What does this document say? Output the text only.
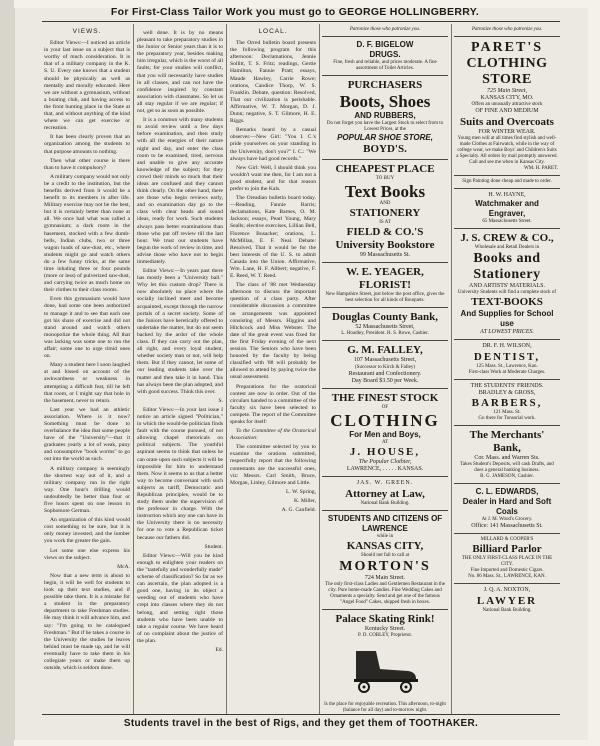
For First-Class Tailor Work you must go to GEORGE HOLLINGBERRY.
VIEWS.

Editor Views:—I noticed an article in your last issue on a subject that is worthy of much consideration. It is that of a military company in the K. S. U. Every one knows that a student should be physically as well as mentally and morally educated. Here we are without a gymnasium, without a boating club, and having access to the front hunting place in the State at that, and without anything of the kind where we can get exercise or recreation.

It has been clearly proven that an organization among the students to that purpose amounts to nothing.

Then what other course is there than to have it compulsory?

A military company would not only be a credit to the institution, but the benefits derived from it would be a benefit to its members in after life. Military exercise may not be the best, but it is certainly better than none at all. We once had what was called a gymnasium; a dark room in the basement, stocked with a few dumb-bells, Indian clubs, two or three wagon loads of saw-dust, etc., where students might go and watch others do a few funny tricks, at the same time inhaling three or four pounds (more or less) of pulverized saw-dust, and carrying twice as much home on their clothes to their class rooms.

Even this gymnasium would have done, had some one been authorized to manage it and to see that each one got his share of exercise and did not stand around and watch others monopolize the whole thing. All that was lacking was some one to run the affair; some one to urge timid ones on.

Many a student here I soon laughed at and hissed on account of the awkwardness or weakness in attempting a difficult feat, till he left that room, or I might say that hole in the basement, never to return.

Last year we had an athletic association. Where is it now? Something must be done to overbalance the idea that some people have of the "University"—that it graduates yearly a lot of weak, puny and consumptive "book worms" to go out into the world as such.

A military company is seemingly the shortest way out of it, and a military company run in the right way. One hour's drilling would undoubtedly be better than four or five hours spent on one lesson in Sophomore German.

An organization of this kind would cost something to be sure, but it is only money invested, and the lumber you work the greater the gain.

Let some one else express his views on the subject.

McA.

Now that a new term is about to begin, it will be well for students to look up their text studies, and if possible take them. It is a mistake for a student in the preparatory department to take Freshman studies. He may think it will advance him, and say: "I'm going to be catalogued Freshman." But if he takes a course in the University the studies he leaves behind must be made up, and he will eventually have to take them in his collegiate years or make them up outside, which is seldom done.

well done. It is by no means pleasant to take preparatory studies in the Junior or Senior years than it is to the preparatory year, besides making him irregular, which is the worst of all faults; for your studies will conflict, that you will necessarily have studies in all classes, and can not have the confidence inspired by constant association with classmates. So let us all stay regular if we are regular; if not, get so as soon as possible.

It is a common with many students to avoid review until a few days before examination, and then study with all the energies of their nature night and day, and enter the class room to be examined, tired, nervous and unable to give any accurate knowledge of the subject; for they crowd their minds so much that their ideas are confused and they cannot think clearly. On the other hand, there are those who begin reviews early, and on examination day go to the class with clear heads and sound ideas, ready for work. Such students always pass better examinations than those who put off review till the last hour. We trust our students have begun the work of review in time, and advise those who have not to begin immediately.

Editor Views:—In years past there has mostly been a "University ball." Why let this custom drop? There is now absolutely no place where the socially inclined meet and become acquainted, except through the narrow portals of a secret society. Some of the Juniors have heretically offered to undertake the matter, but do not seem backed by the ardor of the whole class. If they can carry out the plan, all right, and every loyal student, whether society man or not, will help them. But if they cannot, let some of our leading students take over the matter and then take it in hand. This has always been the plan adopted, and with good success. Think this over.

S.

Editor Views:—In your last issue I notice an article signed "Politician," in which the would-be politician finds fault with the course pursued, of not allowing chapel rhetoricals on political subjects. The youthful aspirant seems to think that unless he can orate upon such subjects it will be impossible for him to understand them. Now it seems to us that a better way to become conversant with such subjects as tariff, Democratic and Republican principles, would be to study them under the supervision of the professor in charge. With the instruction which any one can have in the University there is no necessity for one to vote a Republican ticket because our fathers did.

Student.

Editor Views:—Will you be kind enough to enlighten your readers on the "tastefully and wonderfully made" scheme of classification? So far as we can ascertain, the plan adopted is a good one, having in its object a weeding out of students who have crept into classes where they do not belong, and setting right those students who have been unable to take a regular course. We have heard of no complaint about the justice of the plan.

Ed.

LOCAL.

The Orred bulletin board presents the following program for this afternoon: Declamations, Jennie Sollitt, T. S. Fritz; readings, Gertie Hamilton, Fannie Pratt; essays, Maude Hawley, Carrie Rowe; orations, Candice Thorp, W. S. Franklin. Debate, question: Resolved, That our civilization is perishable. Affirmative, W. T. Morgan, D. J. Dunn; negative, S. T. Gilmore, H. E. Riggs.

Remarks heard by a casual observer.—New Girl: "You I. C.'s pride yourselves on your standing in the University, don't you?" I. C.: "We always have had good records."

New Girl: Well, I should think you wouldn't want me then, for I am not a good student, and for that reason prefer to join the Kals.

The Oreadian bulletin board today.—Reading, Fannie Barris; declamations, Kate Barnes, O. M. Jackson; essays, Pearl Young, Mary Sealls; elective exercises, Lillian Bell, Florence Busacker; orations, L. McMillan, E. F. Neal. Debate: Resolved, That it would be for the best interests of the U. S. to admit Canada into the Union. Affirmative, Wm. Lane, H. F. Allbert; negative, F. E. Reed, W. T. Reed.

The class of '88 met Wednesday afternoon to discuss the important question of a class party. After considerable discussion a committee on arrangements was appointed consisting of Messrs. Higgins and Hitchcock and Miss Webster. The date of the great event was fixed for the first Friday evening of the next session. The Seniors who have been honored by the faculty by being classified with '88 will probably be allowed to attend by paying twice the usual assessment.

Preparations for the oratorical contest are now in order. Out of the circulars handed to a committee of the faculty six have been selected to compete. The report of the Committee speaks for itself:

To the Committee of the Oratorical Association:

The committee selected by you to examine the orations submitted, respectfully report that the following contestants are the successful ones, viz: Messrs. Carl Smith, Bruce, Morgan, Linley, Gilmore and Little.

L. W. Spring,

K. Miller,

A. G. Canfield.

Patronize those who patronize you.
D. F. BIGELOW
DRUGS.
Fine, fresh and reliable, and prices moderate. A fine assortment of Toilet Articles.
PURCHASERS
Boots, Shoes
AND RUBBERS,
Do not forget you have the Largest Stock to select from to Lowest Prices, at the
POPULAR SHOE STORE,
BOYD'S.
CHEAPEST PLACE
TO BUY
Text Books
AND
STATIONERY
IS AT
FIELD & CO.'S
University Bookstore
99 Massachusetts St.
W. E. YEAGER,
FLORIST!
New Hampshire Street, just below the post office, gives the best selection for all kinds of Bouquets.
Douglas County Bank,
52 Massachusetts Street,
L. Hoadley, President. H. S. Rowe, Cashier.
G. M. FALLEY,
107 Massachusetts Street,
(Successor to Kirch & Falley)
Restaurant and Confectionery.
Day Board $3.50 per Week.
THE FINEST STOCK
OF
CLOTHING
For Men and Boys,
AT
J. HOUSE,
The Popular Clothier,
LAWRENCE, . . . . . KANSAS.
JAS. W. GREEN.
Attorney at Law,
National Bank Building.
STUDENTS AND CITIZENS OF LAWRENCE
while in
KANSAS CITY,
Should not fail to call at
MORTON'S
724 Main Street.
The only first-class Ladies and Gentlemen Restaurant in the city. Pure home-made Candies. Fine Wedding Cakes and Ornaments a specialty. Send and get one of the famous "Angel Food" Cakes, shipped fresh in boxes.
Palace Skating Rink!
Kentucky Street.
P. D. COBLEY, Proprietor.
Is the place for enjoyable recreation. This afternoon, to-night (balance for all day) and to-morrow night.
Patronize those who patronize you.
PARET'S
CLOTHING STORE
725 Main Street,
KANSAS CITY, MO.
Offers an unusually attractive stock
OF FINE AND MEDIUM
Suits and Overcoats
FOR WINTER WEAR.
Young men will at all times find stylish and well-made Clothes at Fairwatch, while in the way of college wear, we make Boys' and Children's Suits a Specialty. All orders by mail promptly answered. Call and see me when in Kansas City.
WM. H. PARET.
Sign Painting done cheap and made to order.
H. W. HAYNE,
Watchmaker and Engraver,
65 Massachusetts Street.
J. S. CREW & CO.,
Wholesale and Retail Dealers in
Books and Stationery
AND ARTISTS' MATERIALS.
University Students will find a complete stock of
TEXT-BOOKS
And Supplies for School use
AT LOWEST PRICES.
DR. F. H. WILSON,
DENTIST,
125 Mass. St., Lawrence, Kan.
First-class Work at Moderate Charges.
THE STUDENTS' FRIENDS.
BRADLEY & GROSS,
BARBERS,
121 Mass. St.
Go there for Tonsorial work.
The Merchants' Bank,
Cor. Mass. and Warren Sts.
Takes Student's Deposits, will cash Drafts, and does a general banking business.
R. G. JAMESON, Cashier.
C. L. EDWARDS,
Dealer in Hard and Soft Coals
At J. M. Wood's Grocery.
Office: 141 Massachusetts St.
MILLARD & COOPER'S
Billiard Parlor
THE ONLY FIRST-CLASS PLACE IN THE CITY.
Fine Imported and Domestic Cigars.
No. 86 Mass. St., LAWRENCE, KAN.
J. Q. A. NOXTON,
LAWYER
National Bank Building.
Students travel in the best of Rigs, and they get them of TOOTHAKER.
